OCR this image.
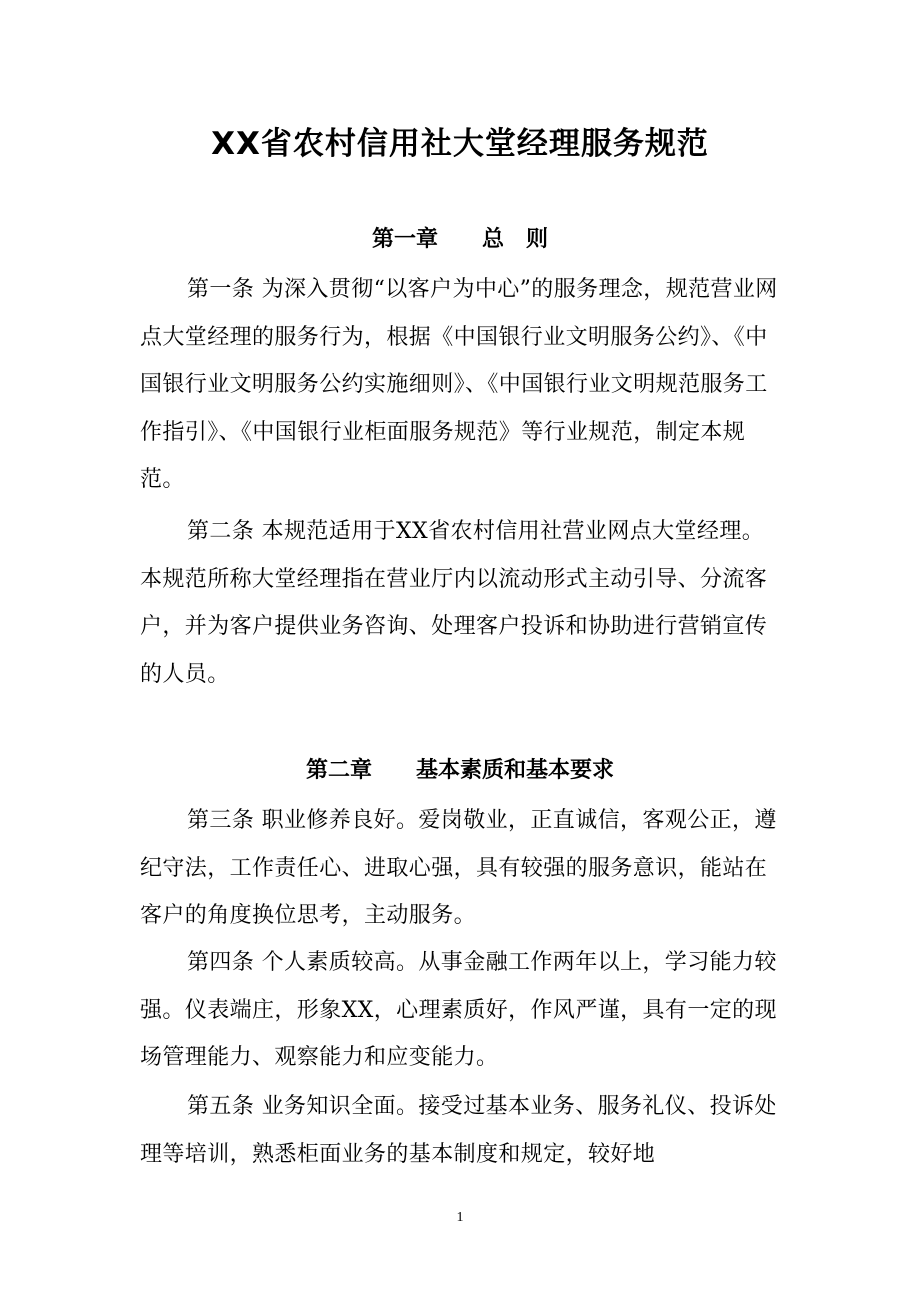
XX省农村信用社大堂经理服务规范
第一章　　总　则

第一条 为深入贯彻“以客户为中心”的服务理念，规范营业网点大堂经理的服务行为，根据《中国银行业文明服务公约》、《中国银行业文明服务公约实施细则》、《中国银行业文明规范服务工作指引》、《中国银行业柜面服务规范》等行业规范，制定本规范。

第二条 本规范适用于XX省农村信用社营业网点大堂经理。本规范所称大堂经理指在营业厅内以流动形式主动引导、分流客户，并为客户提供业务咨询、处理客户投诉和协助进行营销宣传的人员。

第二章　　基本素质和基本要求

第三条 职业修养良好。爱岗敬业，正直诚信，客观公正，遵纪守法，工作责任心、进取心强，具有较强的服务意识，能站在客户的角度换位思考，主动服务。

第四条 个人素质较高。从事金融工作两年以上，学习能力较强。仪表端庄，形象XX，心理素质好，作风严谨，具有一定的现场管理能力、观察能力和应变能力。

第五条 业务知识全面。接受过基本业务、服务礼仪、投诉处理等培训，熟悉柜面业务的基本制度和规定，较好地

1
